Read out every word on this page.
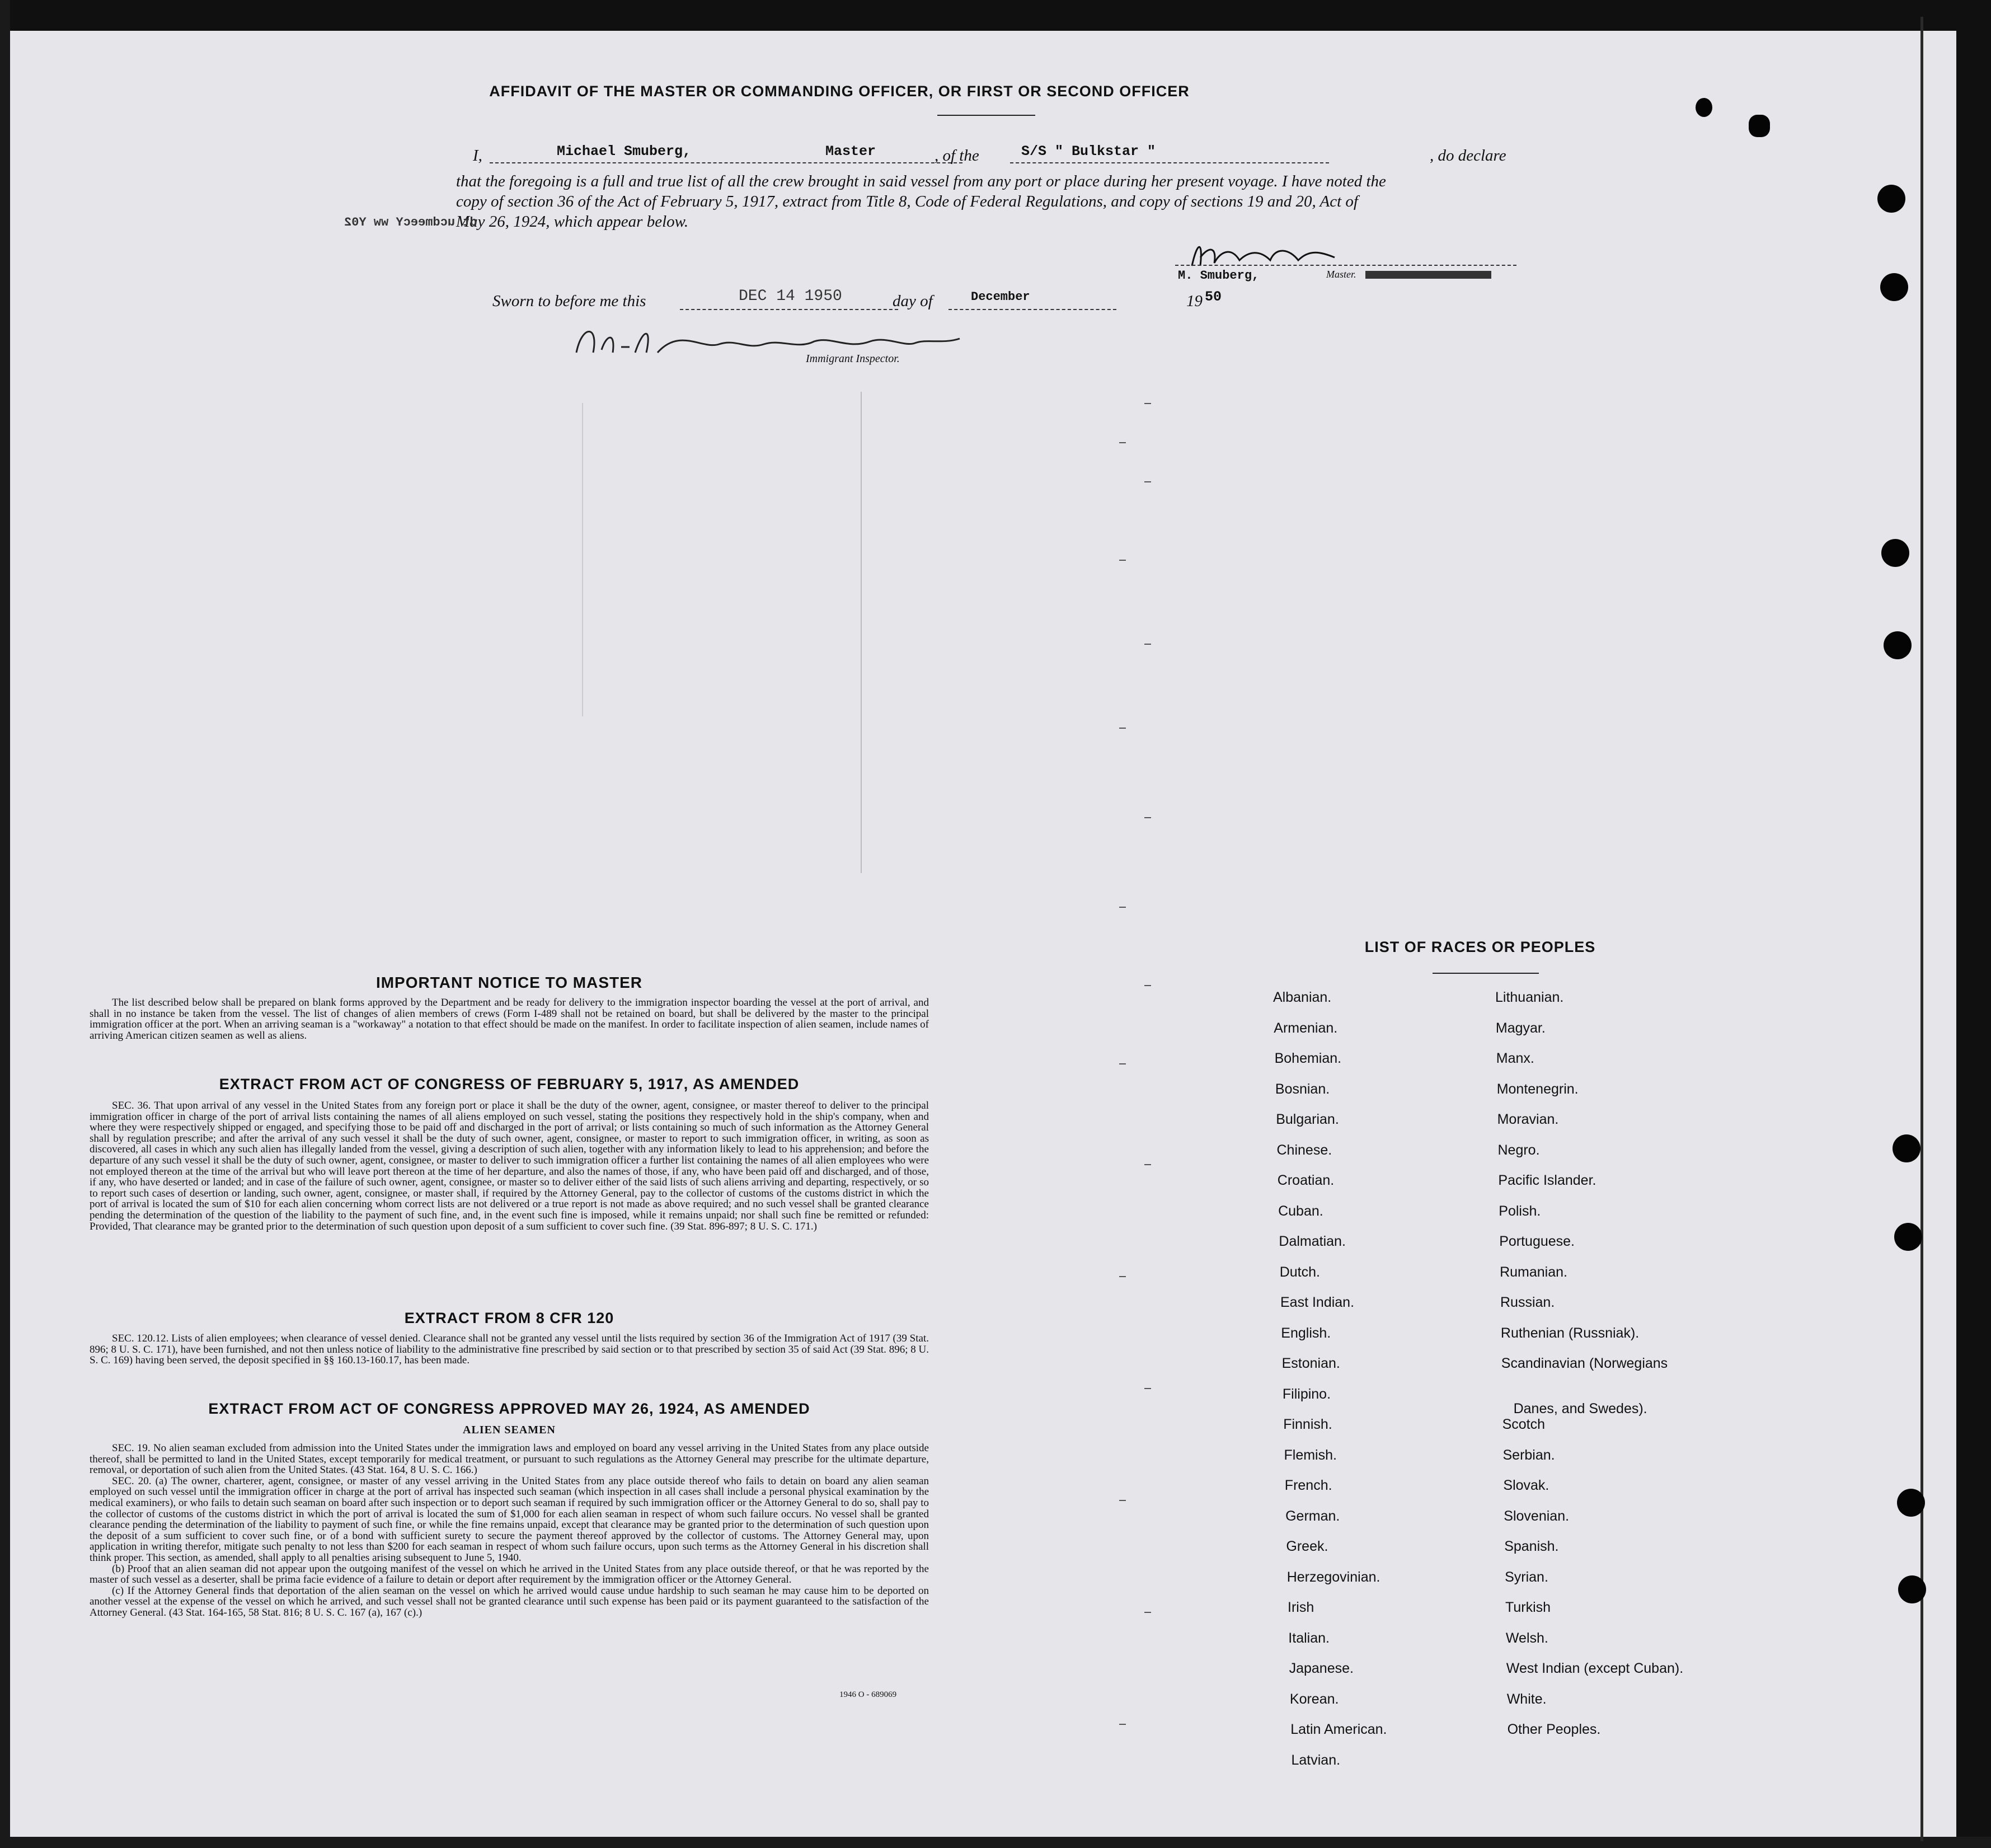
AFFIDAVIT OF THE MASTER OR COMMANDING OFFICER, OR FIRST OR SECOND OFFICER
I,	Michael Smuberg,	Master	, of the	S/S " Bulkstar "	, do declare
that the foregoing is a full and true list of all the crew brought in said vessel from any port or place during her present voyage. I have noted the
copy of section 36 of the Act of February 5, 1917, extract from Title 8, Code of Federal Regulations, and copy of sections 19 and 20, Act of
May 26, 1924, which appear below.
dt ucdmeecY ww Y02
M. Smuberg,	Master.
Sworn to before me this	DEC 14 1950	day of	December	19 50
Immigrant Inspector.
IMPORTANT NOTICE TO MASTER

The list described below shall be prepared on blank forms approved by the Department and be ready for delivery to the immigration inspector boarding the vessel at the port of arrival, and shall in no instance be taken from the vessel. The list of changes of alien members of crews (Form I-489 shall not be retained on board, but shall be delivered by the master to the principal immigration officer at the port. When an arriving seaman is a "workaway" a notation to that effect should be made on the manifest. In order to facilitate inspection of alien seamen, include names of arriving American citizen seamen as well as aliens.

EXTRACT FROM ACT OF CONGRESS OF FEBRUARY 5, 1917, AS AMENDED

SEC. 36. That upon arrival of any vessel in the United States from any foreign port or place it shall be the duty of the owner, agent, consignee, or master thereof to deliver to the principal immigration officer in charge of the port of arrival lists containing the names of all aliens employed on such vessel, stating the positions they respectively hold in the ship's company, when and where they were respectively shipped or engaged, and specifying those to be paid off and discharged in the port of arrival; or lists containing so much of such information as the Attorney General shall by regulation prescribe; and after the arrival of any such vessel it shall be the duty of such owner, agent, consignee, or master to report to such immigration officer, in writing, as soon as discovered, all cases in which any such alien has illegally landed from the vessel, giving a description of such alien, together with any information likely to lead to his apprehension; and before the departure of any such vessel it shall be the duty of such owner, agent, consignee, or master to deliver to such immigration officer a further list containing the names of all alien employees who were not employed thereon at the time of the arrival but who will leave port thereon at the time of her departure, and also the names of those, if any, who have been paid off and discharged, and of those, if any, who have deserted or landed; and in case of the failure of such owner, agent, consignee, or master so to deliver either of the said lists of such aliens arriving and departing, respectively, or so to report such cases of desertion or landing, such owner, agent, consignee, or master shall, if required by the Attorney General, pay to the collector of customs of the customs district in which the port of arrival is located the sum of $10 for each alien concerning whom correct lists are not delivered or a true report is not made as above required; and no such vessel shall be granted clearance pending the determination of the question of the liability to the payment of such fine, and, in the event such fine is imposed, while it remains unpaid; nor shall such fine be remitted or refunded: Provided, That clearance may be granted prior to the determination of such question upon deposit of a sum sufficient to cover such fine. (39 Stat. 896-897; 8 U. S. C. 171.)

EXTRACT FROM 8 CFR 120

SEC. 120.12. Lists of alien employees; when clearance of vessel denied. Clearance shall not be granted any vessel until the lists required by section 36 of the Immigration Act of 1917 (39 Stat. 896; 8 U. S. C. 171), have been furnished, and not then unless notice of liability to the administrative fine prescribed by said section or to that prescribed by section 35 of said Act (39 Stat. 896; 8 U. S. C. 169) having been served, the deposit specified in §§ 160.13-160.17, has been made.

EXTRACT FROM ACT OF CONGRESS APPROVED MAY 26, 1924, AS AMENDED
ALIEN SEAMEN

SEC. 19. No alien seaman excluded from admission into the United States under the immigration laws and employed on board any vessel arriving in the United States from any place outside thereof, shall be permitted to land in the United States, except temporarily for medical treatment, or pursuant to such regulations as the Attorney General may prescribe for the ultimate departure, removal, or deportation of such alien from the United States. (43 Stat. 164, 8 U. S. C. 166.)

SEC. 20. (a) The owner, charterer, agent, consignee, or master of any vessel arriving in the United States from any place outside thereof who fails to detain on board any alien seaman employed on such vessel until the immigration officer in charge at the port of arrival has inspected such seaman (which inspection in all cases shall include a personal physical examination by the medical examiners), or who fails to detain such seaman on board after such inspection or to deport such seaman if required by such immigration officer or the Attorney General to do so, shall pay to the collector of customs of the customs district in which the port of arrival is located the sum of $1,000 for each alien seaman in respect of whom such failure occurs. No vessel shall be granted clearance pending the determination of the liability to payment of such fine, or while the fine remains unpaid, except that clearance may be granted prior to the determination of such question upon the deposit of a sum sufficient to cover such fine, or of a bond with sufficient surety to secure the payment thereof approved by the collector of customs. The Attorney General may, upon application in writing therefor, mitigate such penalty to not less than $200 for each seaman in respect of whom such failure occurs, upon such terms as the Attorney General in his discretion shall think proper. This section, as amended, shall apply to all penalties arising subsequent to June 5, 1940.

(b) Proof that an alien seaman did not appear upon the outgoing manifest of the vessel on which he arrived in the United States from any place outside thereof, or that he was reported by the master of such vessel as a deserter, shall be prima facie evidence of a failure to detain or deport after requirement by the immigration officer or the Attorney General.

(c) If the Attorney General finds that deportation of the alien seaman on the vessel on which he arrived would cause undue hardship to such seaman he may cause him to be deported on another vessel at the expense of the vessel on which he arrived, and such vessel shall not be granted clearance until such expense has been paid or its payment guaranteed to the satisfaction of the Attorney General. (43 Stat. 164-165, 58 Stat. 816; 8 U. S. C. 167 (a), 167 (c).)

1946 O - 689069
LIST OF RACES OR PEOPLES
Albanian.
Armenian.
Bohemian.
Bosnian.
Bulgarian.
Chinese.
Croatian.
Cuban.
Dalmatian.
Dutch.
East Indian.
English.
Estonian.
Filipino.
Finnish.
Flemish.
French.
German.
Greek.
Herzegovinian.
Irish
Italian.
Japanese.
Korean.
Latin American.
Latvian.
Lithuanian.
Magyar.
Manx.
Montenegrin.
Moravian.
Negro.
Pacific Islander.
Polish.
Portuguese.
Rumanian.
Russian.
Ruthenian (Russniak).
Scandinavian (Norwegians
Danes, and Swedes).
Scotch
Serbian.
Slovak.
Slovenian.
Spanish.
Syrian.
Turkish
Welsh.
West Indian (except Cuban).
White.
Other Peoples.
